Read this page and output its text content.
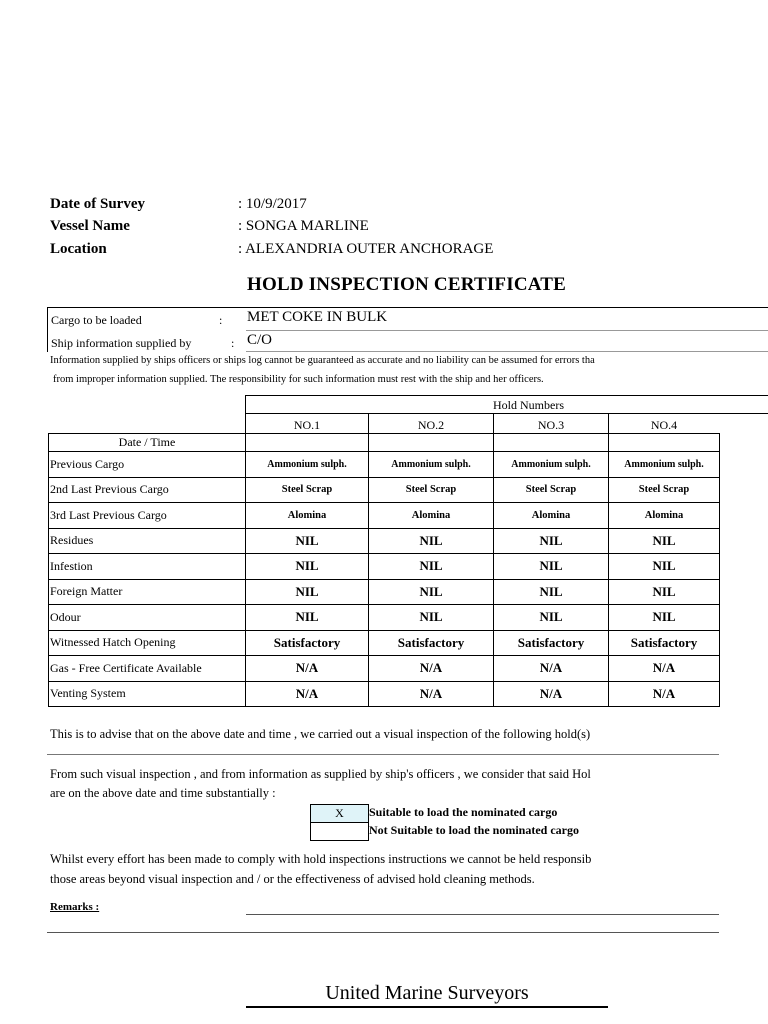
Date of Survey	: 10/9/2017
Vessel Name	: SONGA MARLINE
Location	: ALEXANDRIA OUTER ANCHORAGE
HOLD INSPECTION CERTIFICATE
Cargo to be loaded	: MET COKE IN BULK
Ship information supplied by	: C/O
Information supplied by ships officers or ships log cannot be guaranteed as accurate and no liability can be assumed for errors tha
from improper information supplied. The responsibility for such information must rest with the ship and her officers.
Hold Numbers
NO.1	NO.2	NO.3	NO.4
Date / Time				
Previous Cargo	Ammonium sulph.	Ammonium sulph.	Ammonium sulph.	Ammonium sulph.
2nd Last Previous Cargo	Steel Scrap	Steel Scrap	Steel Scrap	Steel Scrap
3rd Last Previous Cargo	Alomina	Alomina	Alomina	Alomina
Residues	NIL	NIL	NIL	NIL
Infestion	NIL	NIL	NIL	NIL
Foreign Matter	NIL	NIL	NIL	NIL
Odour	NIL	NIL	NIL	NIL
Witnessed Hatch Opening	Satisfactory	Satisfactory	Satisfactory	Satisfactory
Gas - Free Certificate Available	N/A	N/A	N/A	N/A
Venting System	N/A	N/A	N/A	N/A
This is to advise that on the above date and time , we carried out a visual inspection of the following hold(s)
From such visual inspection , and from information as supplied by ship's officers , we consider that said Hol
are on the above date and time substantially :
X	Suitable to load the nominated cargo
Not Suitable to load the nominated cargo
Whilst every effort has been made to comply with hold inspections instructions we cannot be held responsib
those areas beyond visual inspection and / or the effectiveness of advised hold cleaning methods.
Remarks :
United Marine Surveyors
